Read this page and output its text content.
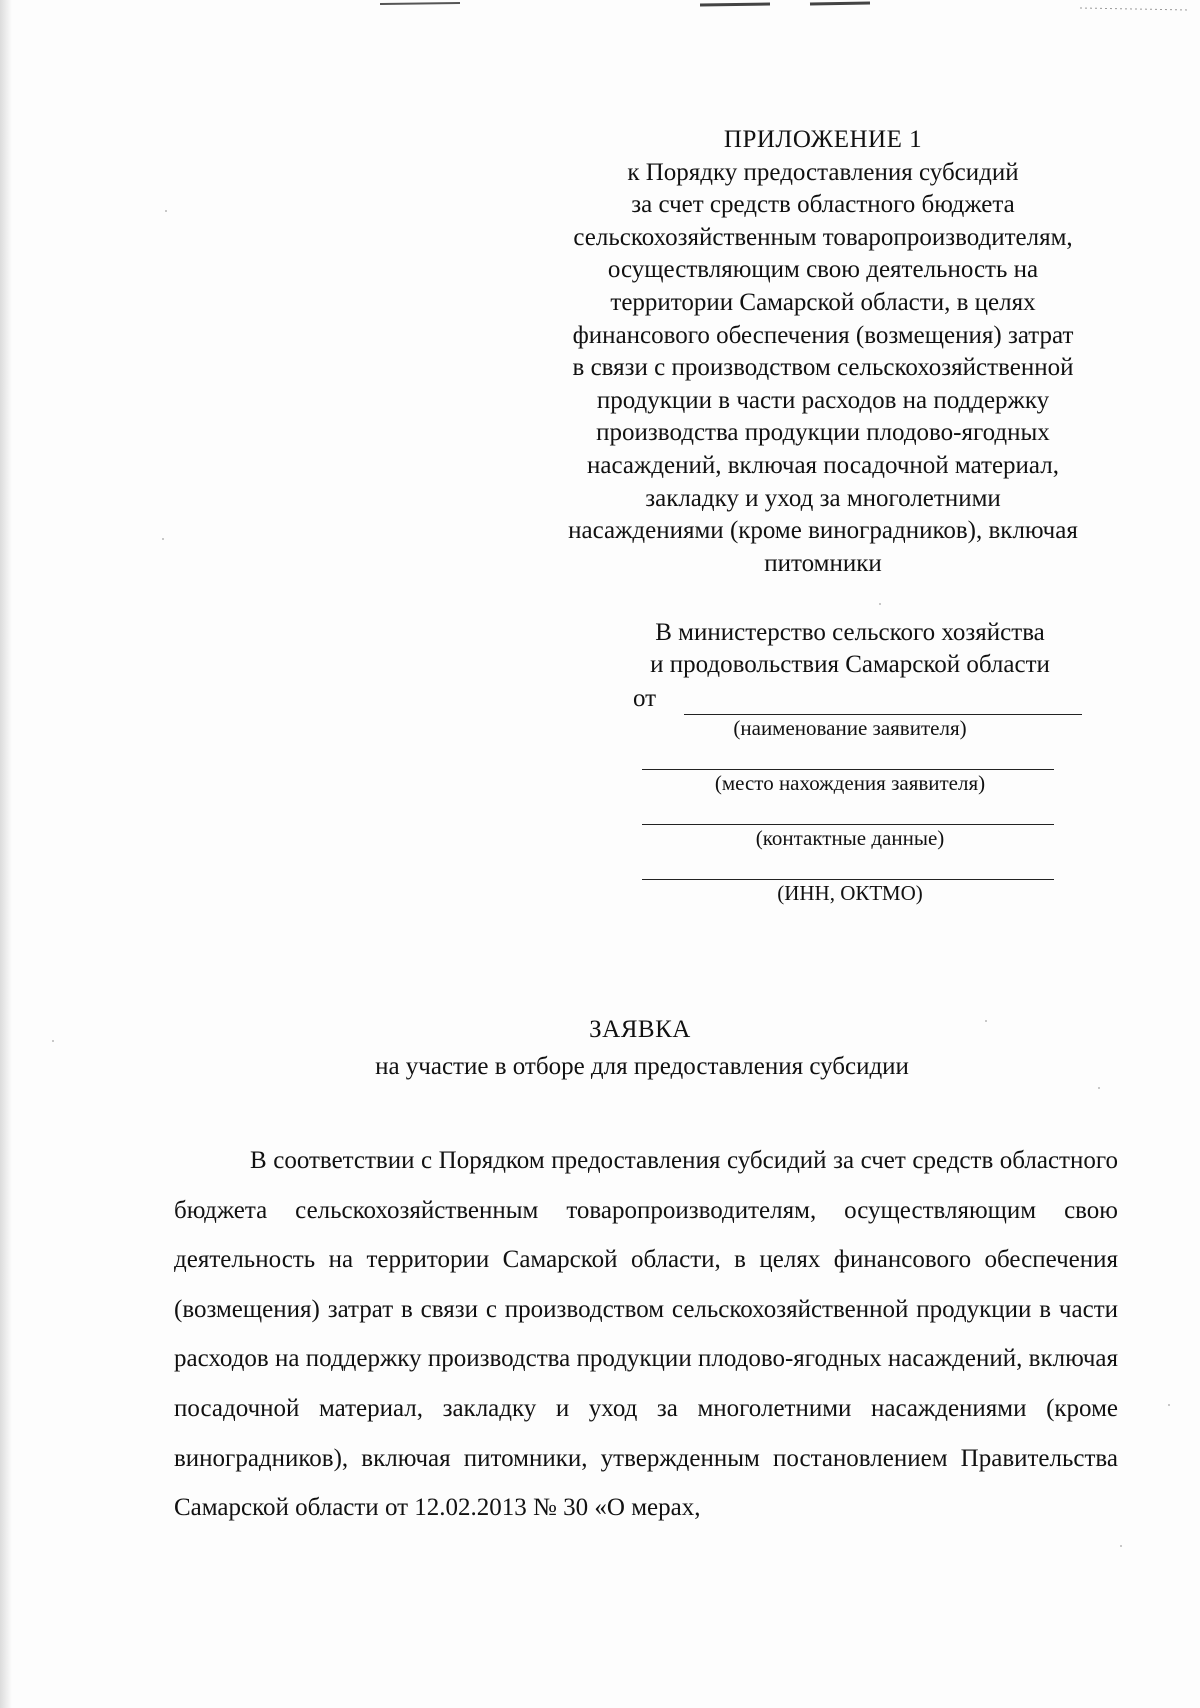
ПРИЛОЖЕНИЕ 1
к Порядку предоставления субсидий
за счет средств областного бюджета
сельскохозяйственным товаропроизводителям,
осуществляющим свою деятельность на
территории Самарской области, в целях
финансового обеспечения (возмещения) затрат
в связи с производством сельскохозяйственной
продукции в части расходов на поддержку
производства продукции плодово-ягодных
насаждений, включая посадочной материал,
закладку и уход за многолетними
насаждениями (кроме виноградников), включая
питомники
В министерство сельского хозяйства
и продовольствия Самарской области
от
(наименование заявителя)
(место нахождения заявителя)
(контактные данные)
(ИНН, ОКТМО)
ЗАЯВКА
на участие в отборе для предоставления субсидии
В соответствии с Порядком предоставления субсидий за счет средств областного бюджета сельскохозяйственным товаропроизводителям, осуществляющим свою деятельность на территории Самарской области, в целях финансового обеспечения (возмещения) затрат в связи с производством сельскохозяйственной продукции в части расходов на поддержку производства продукции плодово-ягодных насаждений, включая посадочной материал, закладку и уход за многолетними насаждениями (кроме виноградников), включая питомники, утвержденным постановлением Правительства Самарской области от 12.02.2013 № 30 «О мерах,
